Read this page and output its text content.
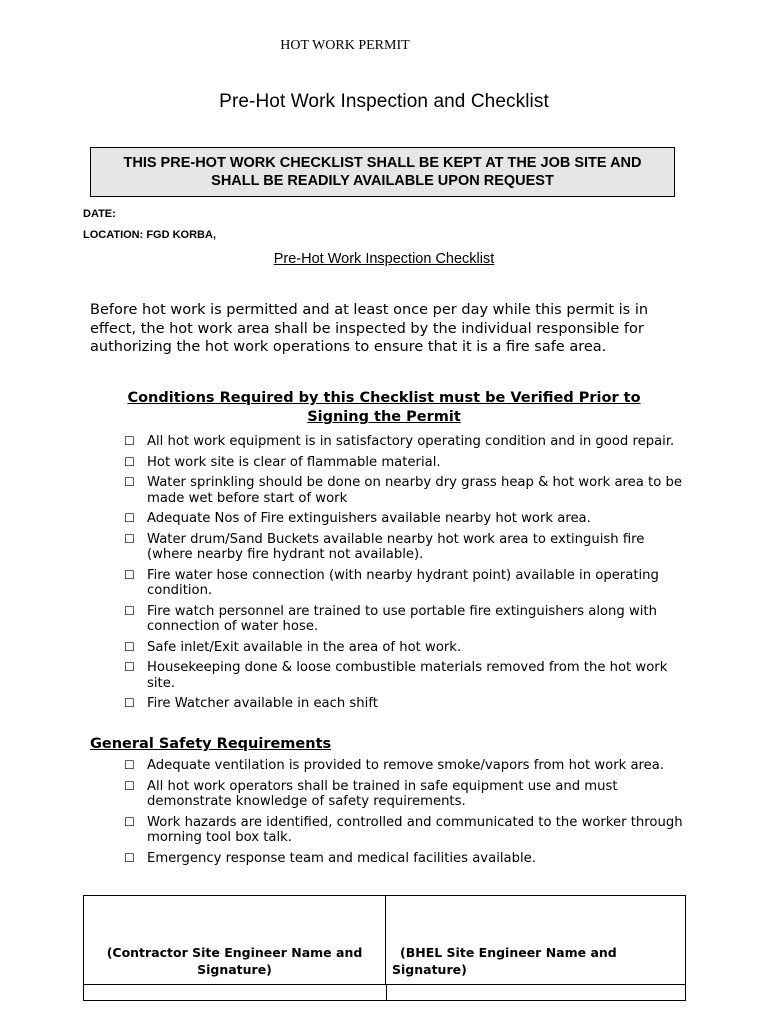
HOT WORK PERMIT
Pre-Hot Work Inspection and Checklist
THIS PRE-HOT WORK CHECKLIST SHALL BE KEPT AT THE JOB SITE AND SHALL BE READILY AVAILABLE UPON REQUEST
DATE:
LOCATION: FGD KORBA,
Pre-Hot Work Inspection Checklist
Before hot work is permitted and at least once per day while this permit is in effect, the hot work area shall be inspected by the individual responsible for authorizing the hot work operations to ensure that it is a fire safe area.
Conditions Required by this Checklist must be Verified Prior to Signing the Permit
☐ All hot work equipment is in satisfactory operating condition and in good repair.
☐ Hot work site is clear of flammable material.
☐ Water sprinkling should be done on nearby dry grass heap & hot work area to be made wet before start of work
☐ Adequate Nos of Fire extinguishers available nearby hot work area.
☐ Water drum/Sand Buckets available nearby hot work area to extinguish fire (where nearby fire hydrant not available).
☐ Fire water hose connection (with nearby hydrant point) available in operating condition.
☐ Fire watch personnel are trained to use portable fire extinguishers along with connection of water hose.
☐ Safe inlet/Exit available in the area of hot work.
☐ Housekeeping done & loose combustible materials removed from the hot work site.
☐ Fire Watcher available in each shift
General Safety Requirements
☐ Adequate ventilation is provided to remove smoke/vapors from hot work area.
☐ All hot work operators shall be trained in safe equipment use and must demonstrate knowledge of safety requirements.
☐ Work hazards are identified, controlled and communicated to the worker through morning tool box talk.
☐ Emergency response team and medical facilities available.
(Contractor Site Engineer Name and Signature)
(BHEL Site Engineer Name and Signature)
